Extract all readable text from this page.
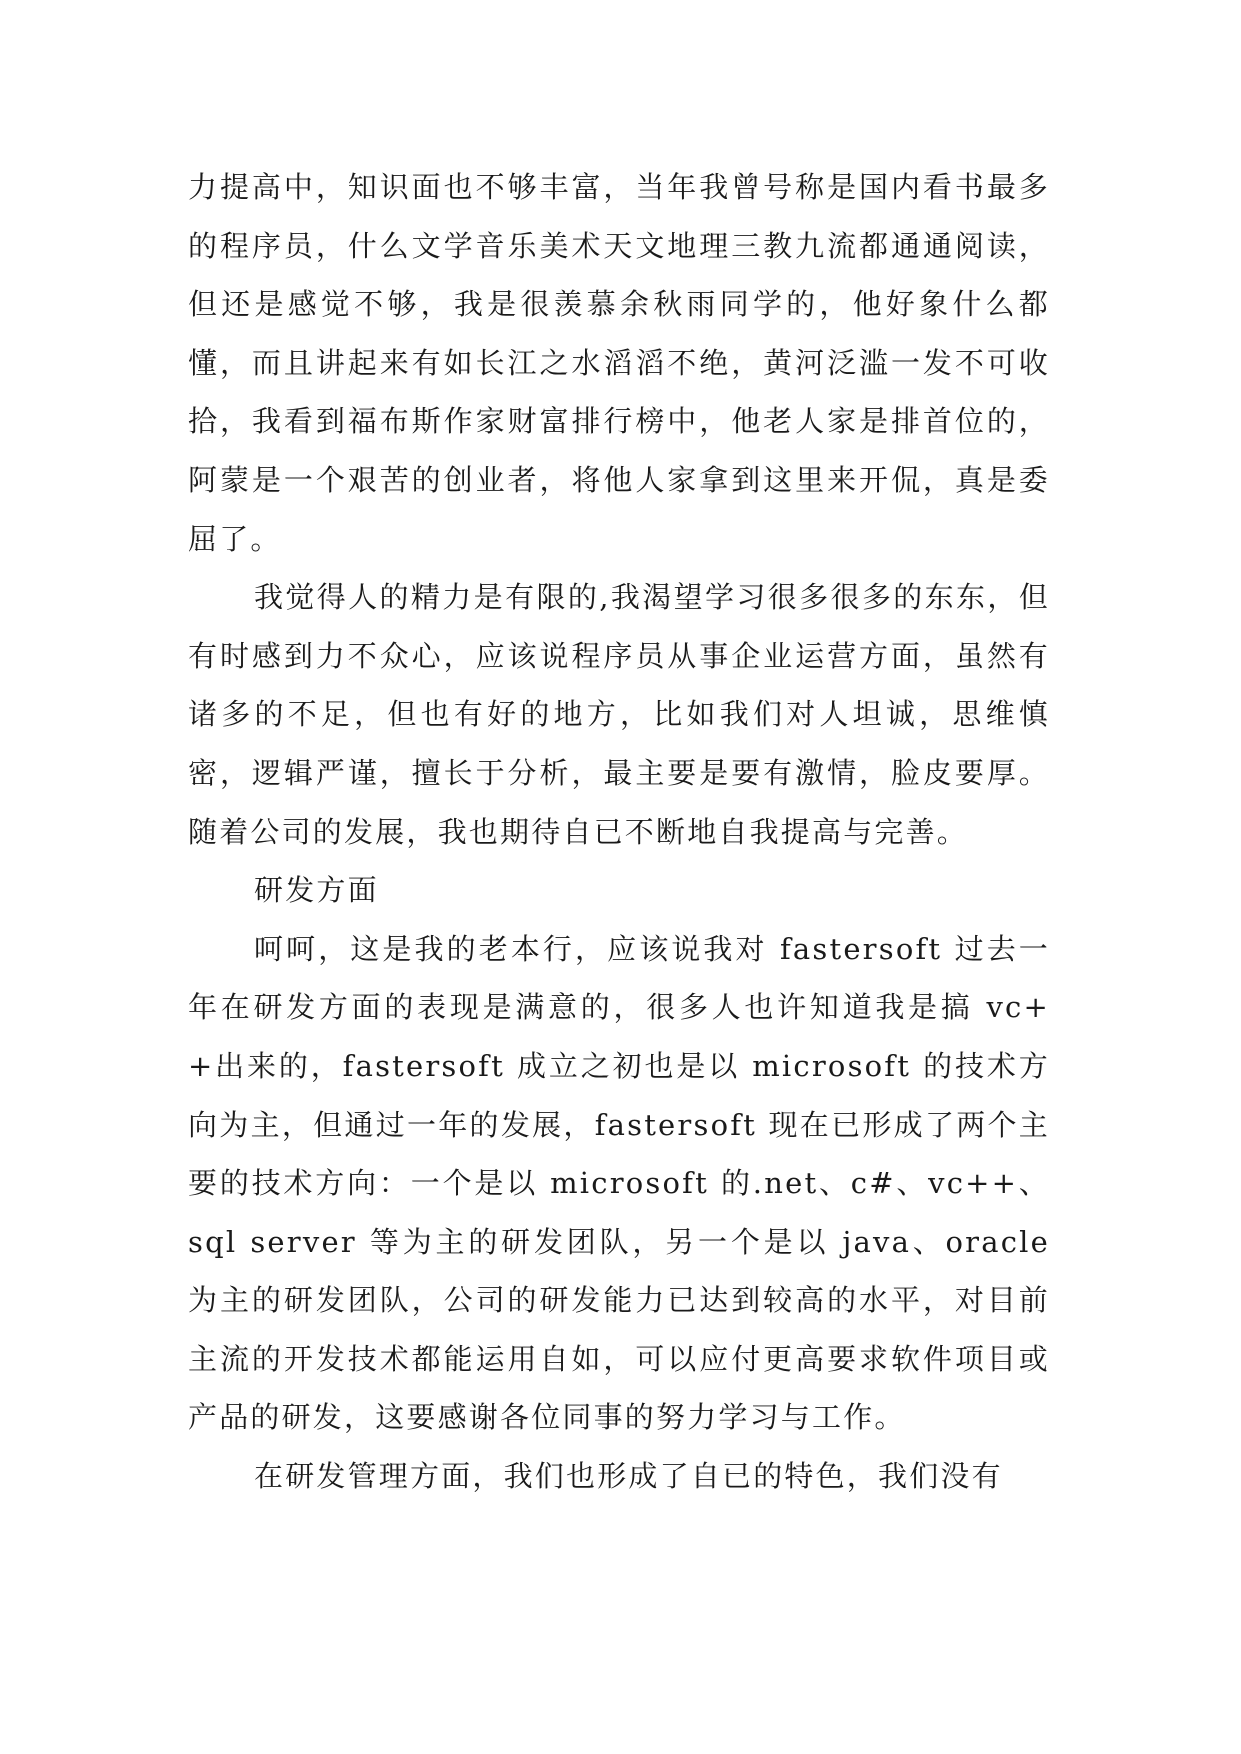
力提高中，知识面也不够丰富，当年我曾号称是国内看书最多的程序员，什么文学音乐美术天文地理三教九流都通通阅读，但还是感觉不够，我是很羡慕余秋雨同学的，他好象什么都懂，而且讲起来有如长江之水滔滔不绝，黄河泛滥一发不可收拾，我看到福布斯作家财富排行榜中，他老人家是排首位的，阿蒙是一个艰苦的创业者，将他人家拿到这里来开侃，真是委屈了。

我觉得人的精力是有限的,我渴望学习很多很多的东东，但有时感到力不众心，应该说程序员从事企业运营方面，虽然有诸多的不足，但也有好的地方，比如我们对人坦诚，思维慎密，逻辑严谨，擅长于分析，最主要是要有激情，脸皮要厚。随着公司的发展，我也期待自已不断地自我提高与完善。

研发方面

呵呵，这是我的老本行，应该说我对 fastersoft 过去一年在研发方面的表现是满意的，很多人也许知道我是搞 vc++出来的，fastersoft 成立之初也是以 microsoft 的技术方向为主，但通过一年的发展，fastersoft 现在已形成了两个主要的技术方向：一个是以 microsoft 的.net、c#、vc++、sql server 等为主的研发团队，另一个是以 java、oracle 为主的研发团队，公司的研发能力已达到较高的水平，对目前主流的开发技术都能运用自如，可以应付更高要求软件项目或产品的研发，这要感谢各位同事的努力学习与工作。

在研发管理方面，我们也形成了自已的特色，我们没有
